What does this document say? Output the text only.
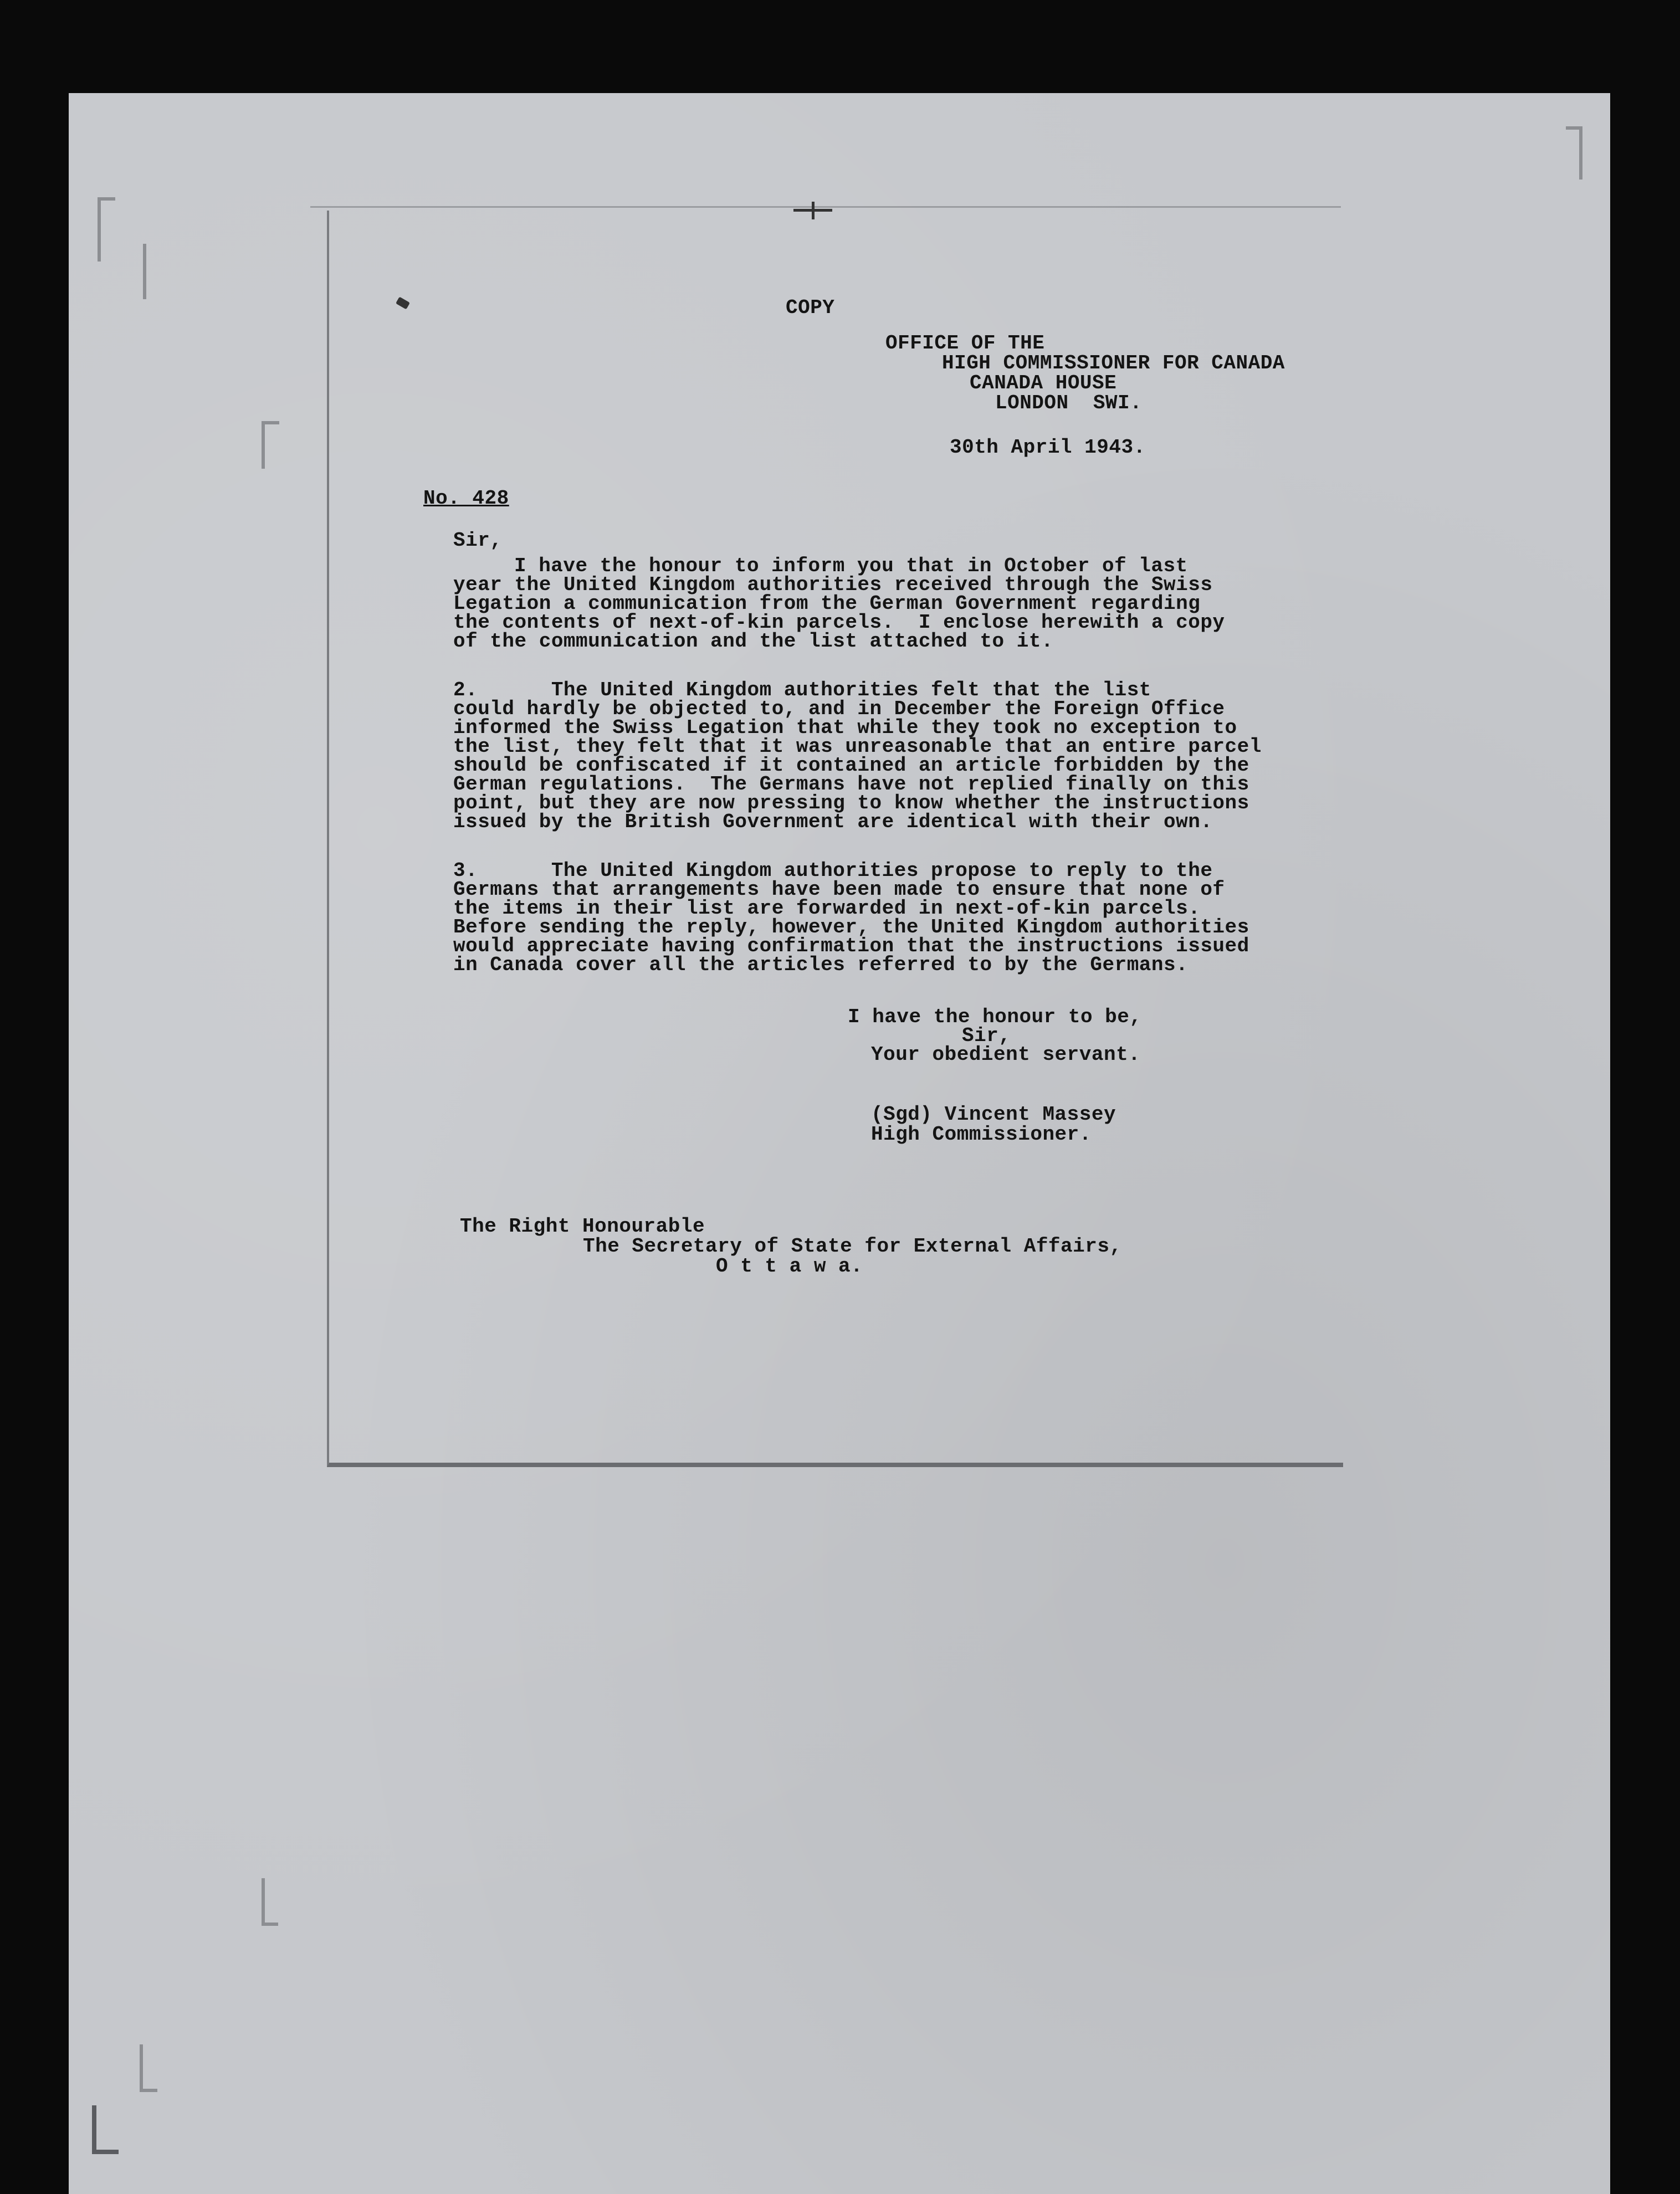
COPY

OFFICE OF THE

HIGH COMMISSIONER FOR CANADA

CANADA HOUSE

LONDON  SWI.

30th April 1943.

No. 428

Sir,

I have the honour to inform you that in October of last

year the United Kingdom authorities received through the Swiss

Legation a communication from the German Government regarding

the contents of next-of-kin parcels.  I enclose herewith a copy

of the communication and the list attached to it.

2.      The United Kingdom authorities felt that the list

could hardly be objected to, and in December the Foreign Office

informed the Swiss Legation that while they took no exception to

the list, they felt that it was unreasonable that an entire parcel

should be confiscated if it contained an article forbidden by the

German regulations.  The Germans have not replied finally on this

point, but they are now pressing to know whether the instructions

issued by the British Government are identical with their own.

3.      The United Kingdom authorities propose to reply to the

Germans that arrangements have been made to ensure that none of

the items in their list are forwarded in next-of-kin parcels.

Before sending the reply, however, the United Kingdom authorities

would appreciate having confirmation that the instructions issued

in Canada cover all the articles referred to by the Germans.

I have the honour to be,

Sir,

Your obedient servant.

(Sgd) Vincent Massey

High Commissioner.

The Right Honourable

The Secretary of State for External Affairs,

O t t a w a.
